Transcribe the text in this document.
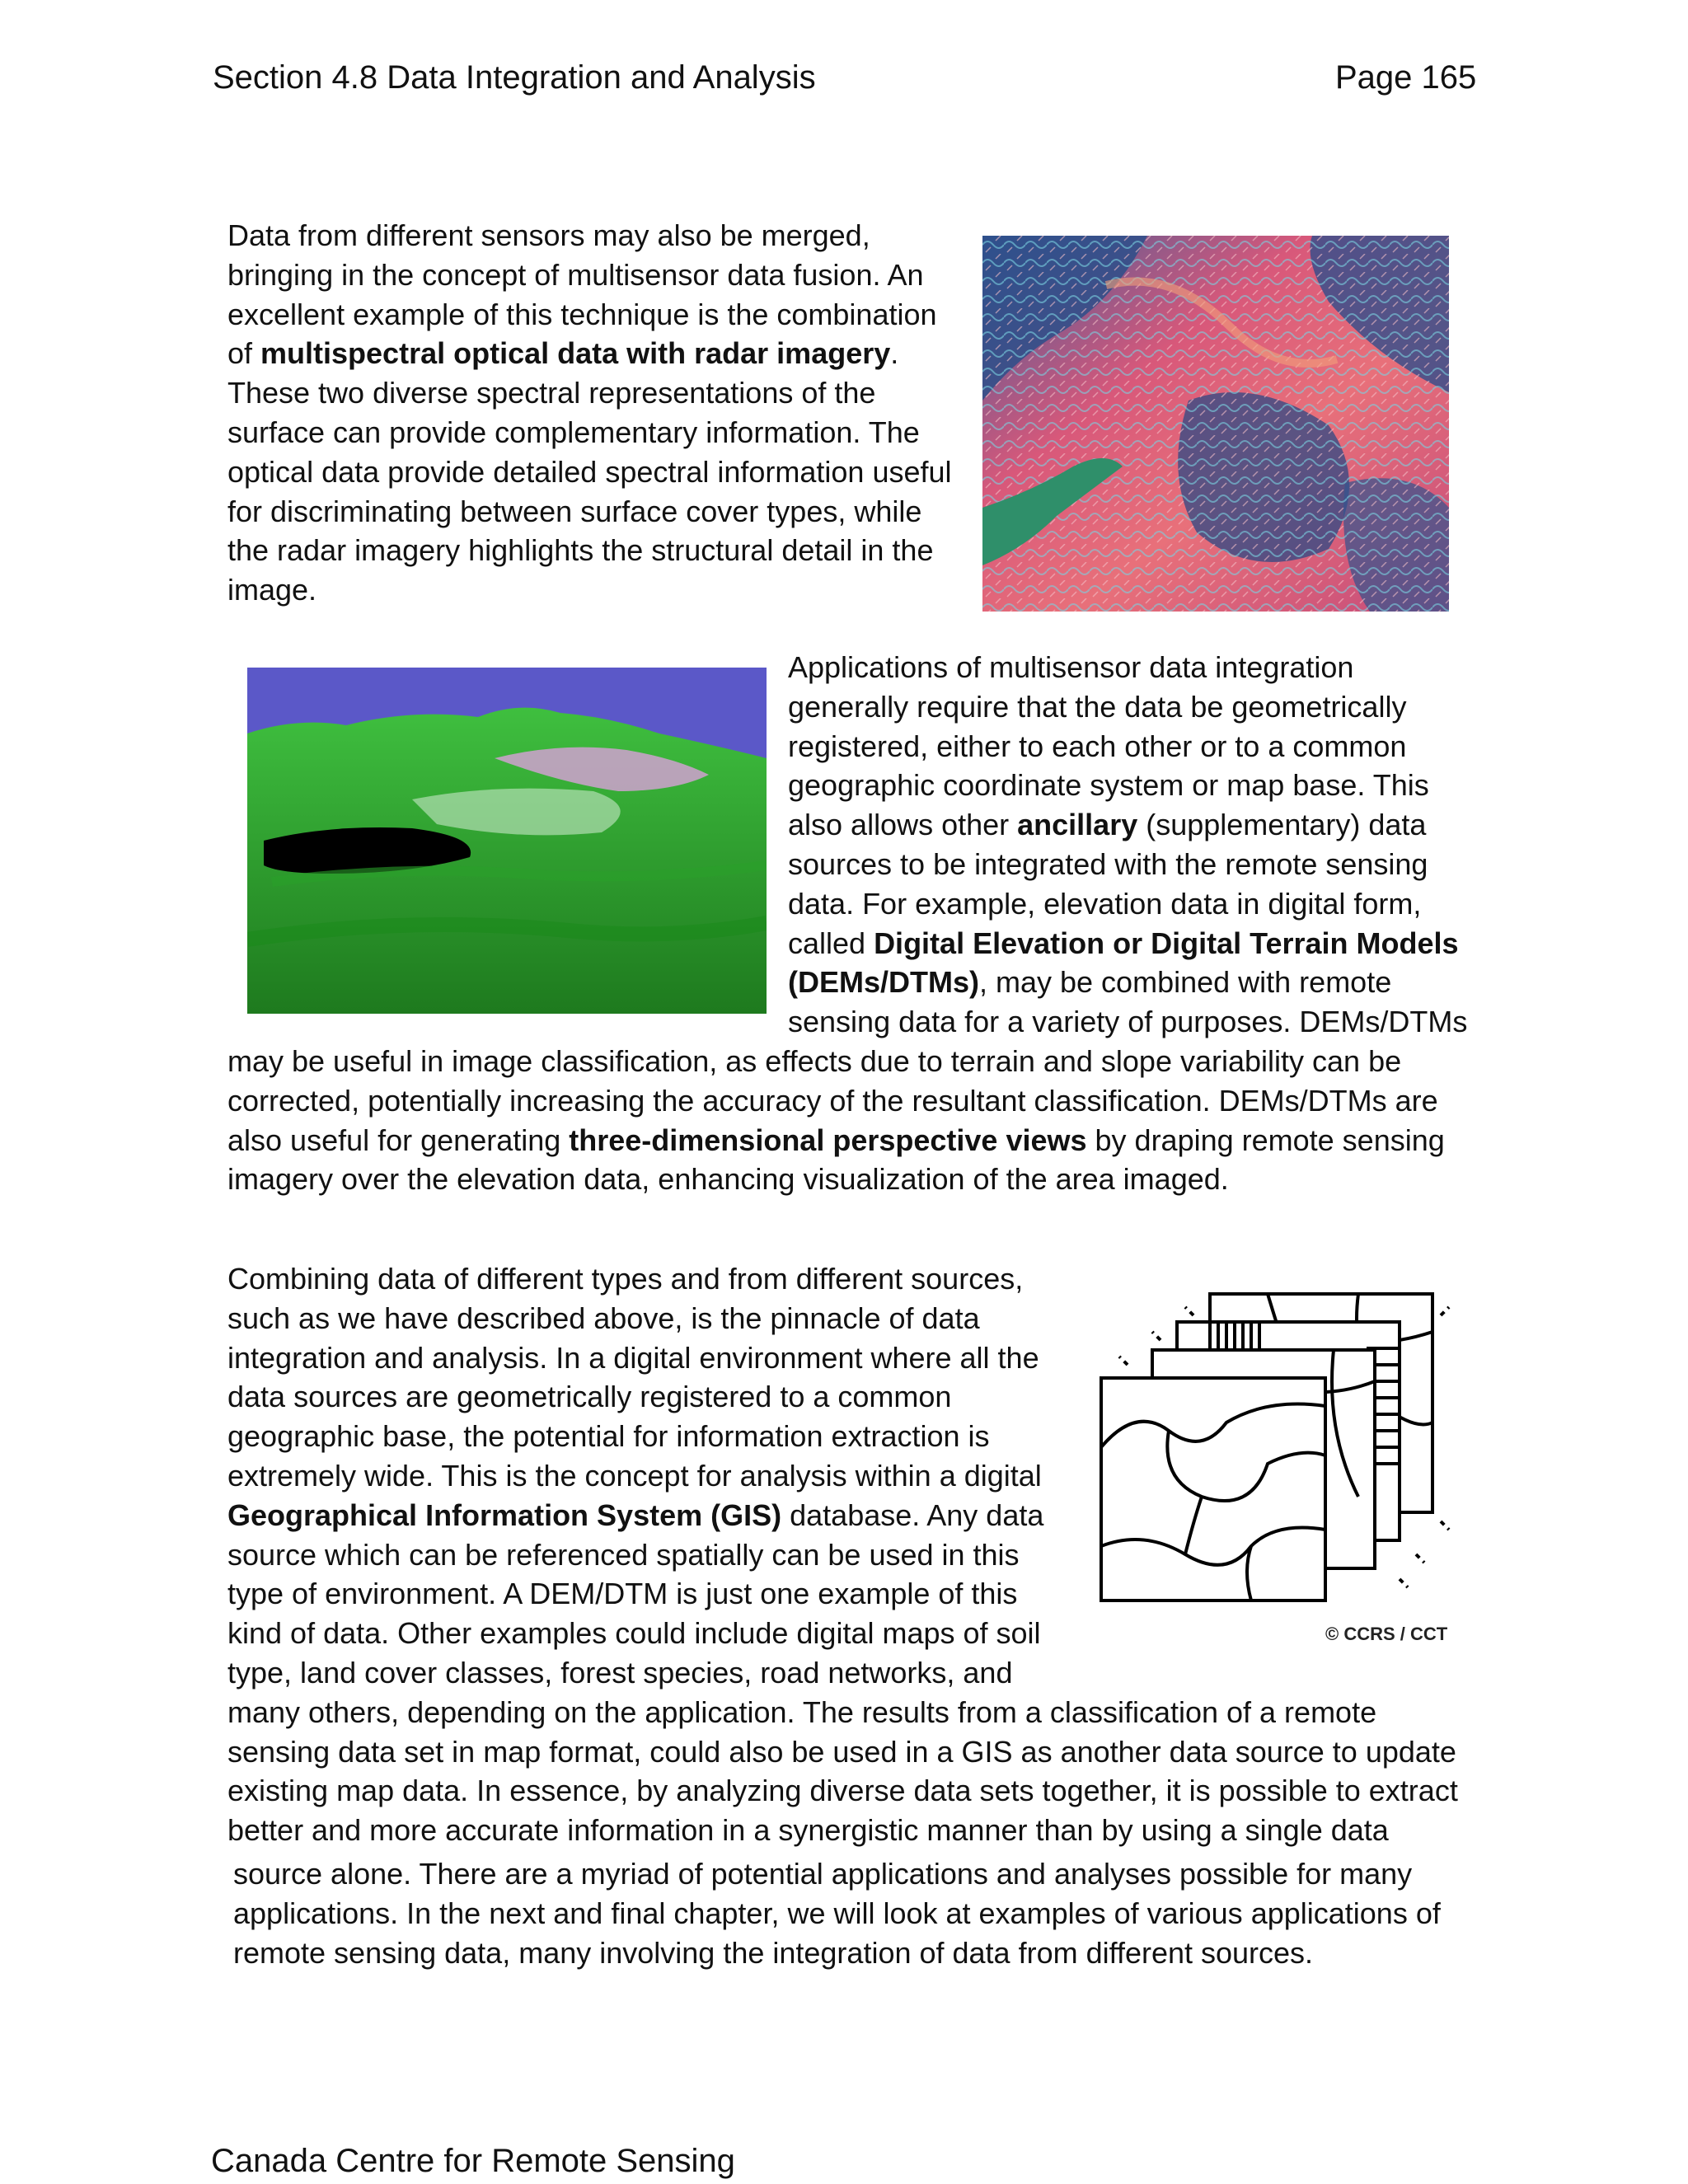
Section 4.8 Data Integration and Analysis	Page 165
Data from different sensors may also be merged, bringing in the concept of multisensor data fusion. An excellent example of this technique is the combination of multispectral optical data with radar imagery. These two diverse spectral representations of the surface can provide complementary information. The optical data provide detailed spectral information useful for discriminating between surface cover types, while the radar imagery highlights the structural detail in the image.
Applications of multisensor data integration generally require that the data be geometrically registered, either to each other or to a common geographic coordinate system or map base. This also allows other ancillary (supplementary) data sources to be integrated with the remote sensing data. For example, elevation data in digital form, called Digital Elevation or Digital Terrain Models (DEMs/DTMs), may be combined with remote sensing data for a variety of purposes. DEMs/DTMs may be useful in image classification, as effects due to terrain and slope variability can be corrected, potentially increasing the accuracy of the resultant classification. DEMs/DTMs are also useful for generating three-dimensional perspective views by draping remote sensing imagery over the elevation data, enhancing visualization of the area imaged.
Combining data of different types and from different sources, such as we have described above, is the pinnacle of data integration and analysis. In a digital environment where all the data sources are geometrically registered to a common geographic base, the potential for information extraction is extremely wide. This is the concept for analysis within a digital Geographical Information System (GIS) database. Any data source which can be referenced spatially can be used in this type of environment. A DEM/DTM is just one example of this kind of data. Other examples could include digital maps of soil type, land cover classes, forest species, road networks, and many others, depending on the application. The results from a classification of a remote sensing data set in map format, could also be used in a GIS as another data source to update existing map data. In essence, by analyzing diverse data sets together, it is possible to extract better and more accurate information in a synergistic manner than by using a single data
© CCRS / CCT
source alone. There are a myriad of potential applications and analyses possible for many applications. In the next and final chapter, we will look at examples of various applications of remote sensing data, many involving the integration of data from different sources.
Canada Centre for Remote Sensing
